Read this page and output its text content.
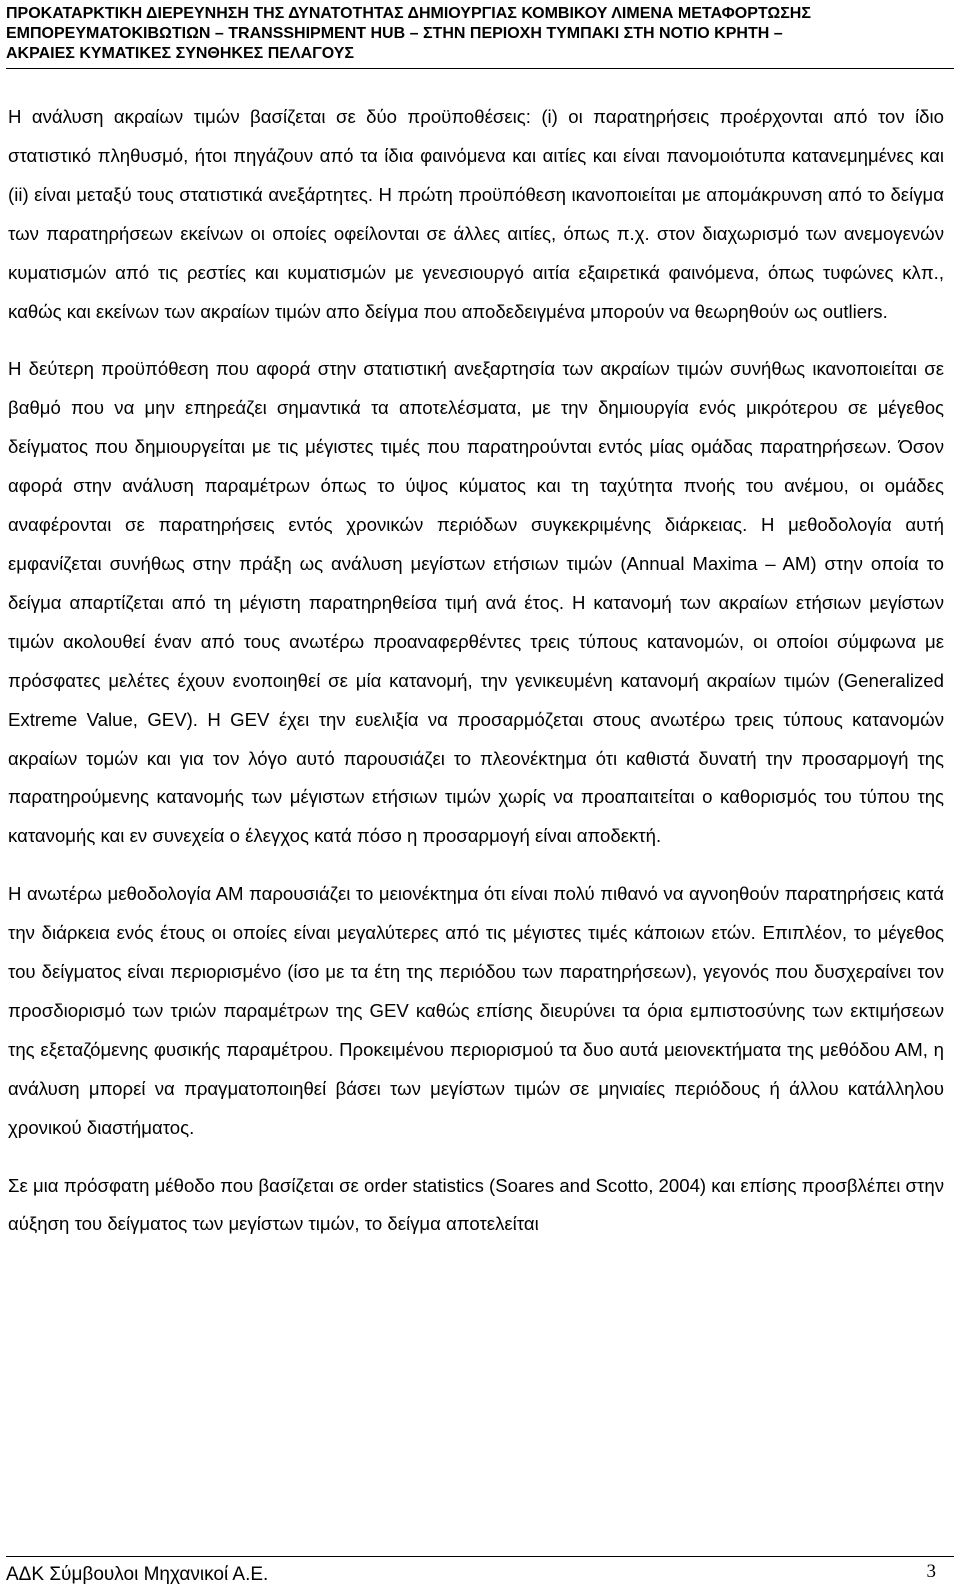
ΠΡΟΚΑΤΑΡΚΤΙΚΗ ΔΙΕΡΕΥΝΗΣΗ ΤΗΣ ΔΥΝΑΤΟΤΗΤΑΣ ΔΗΜΙΟΥΡΓΙΑΣ ΚΟΜΒΙΚΟΥ ΛΙΜΕΝΑ ΜΕΤΑΦΟΡΤΩΣΗΣ
ΕΜΠΟΡΕΥΜΑΤΟΚΙΒΩΤΙΩΝ – TRANSSHIPMENT HUB – ΣΤΗΝ ΠΕΡΙΟΧΗ ΤΥΜΠΑΚΙ ΣΤΗ ΝΟΤΙΟ ΚΡΗΤΗ –
ΑΚΡΑΙΕΣ ΚΥΜΑΤΙΚΕΣ ΣΥΝΘΗΚΕΣ ΠΕΛΑΓΟΥΣ

Η ανάλυση ακραίων τιμών βασίζεται σε δύο προϋποθέσεις: (i) οι παρατηρήσεις προέρχονται από τον ίδιο στατιστικό πληθυσμό, ήτοι πηγάζουν από τα ίδια φαινόμενα και αιτίες και είναι πανομοιότυπα κατανεμημένες και (ii) είναι μεταξύ τους στατιστικά ανεξάρτητες. Η πρώτη προϋπόθεση ικανοποιείται με απομάκρυνση από το δείγμα των παρατηρήσεων εκείνων οι οποίες οφείλονται σε άλλες αιτίες, όπως π.χ. στον διαχωρισμό των ανεμογενών κυματισμών από τις ρεστίες και κυματισμών με γενεσιουργό αιτία εξαιρετικά φαινόμενα, όπως τυφώνες κλπ., καθώς και εκείνων των ακραίων τιμών απο δείγμα που αποδεδειγμένα μπορούν να θεωρηθούν ως outliers.

Η δεύτερη προϋπόθεση που αφορά στην στατιστική ανεξαρτησία των ακραίων τιμών συνήθως ικανοποιείται σε βαθμό που να μην επηρεάζει σημαντικά τα αποτελέσματα, με την δημιουργία ενός μικρότερου σε μέγεθος δείγματος που δημιουργείται με τις μέγιστες τιμές που παρατηρούνται εντός μίας ομάδας παρατηρήσεων. Όσον αφορά στην ανάλυση παραμέτρων όπως το ύψος κύματος και τη ταχύτητα πνοής του ανέμου, οι ομάδες αναφέρονται σε παρατηρήσεις εντός χρονικών περιόδων συγκεκριμένης διάρκειας. Η μεθοδολογία αυτή εμφανίζεται συνήθως στην πράξη ως ανάλυση μεγίστων ετήσιων τιμών (Annual Maxima – AM) στην οποία το δείγμα απαρτίζεται από τη μέγιστη παρατηρηθείσα τιμή ανά έτος. Η κατανομή των ακραίων ετήσιων μεγίστων τιμών ακολουθεί έναν από τους ανωτέρω προαναφερθέντες τρεις τύπους κατανομών, οι οποίοι σύμφωνα με πρόσφατες μελέτες έχουν ενοποιηθεί σε μία κατανομή, την γενικευμένη κατανομή ακραίων τιμών (Generalized Extreme Value, GEV). Η GEV έχει την ευελιξία να προσαρμόζεται στους ανωτέρω τρεις τύπους κατανομών ακραίων τομών και για τον λόγο αυτό παρουσιάζει το πλεονέκτημα ότι καθιστά δυνατή την προσαρμογή της παρατηρούμενης κατανομής των μέγιστων ετήσιων τιμών χωρίς να προαπαιτείται ο καθορισμός του τύπου της κατανομής και εν συνεχεία ο έλεγχος κατά πόσο η προσαρμογή είναι αποδεκτή.

Η ανωτέρω μεθοδολογία ΑΜ παρουσιάζει το μειονέκτημα ότι είναι πολύ πιθανό να αγνοηθούν παρατηρήσεις κατά την διάρκεια ενός έτους οι οποίες είναι μεγαλύτερες από τις μέγιστες τιμές κάποιων ετών. Επιπλέον, το μέγεθος του δείγματος είναι περιορισμένο (ίσο με τα έτη της περιόδου των παρατηρήσεων), γεγονός που δυσχεραίνει τον προσδιορισμό των τριών παραμέτρων της GEV καθώς επίσης διευρύνει τα όρια εμπιστοσύνης των εκτιμήσεων της εξεταζόμενης φυσικής παραμέτρου. Προκειμένου περιορισμού τα δυο αυτά μειονεκτήματα της μεθόδου ΑΜ, η ανάλυση μπορεί να πραγματοποιηθεί βάσει των μεγίστων τιμών σε μηνιαίες περιόδους ή άλλου κατάλληλου χρονικού διαστήματος.

Σε μια πρόσφατη μέθοδο που βασίζεται σε order statistics (Soares and Scotto, 2004) και επίσης προσβλέπει στην αύξηση του δείγματος των μεγίστων τιμών, το δείγμα αποτελείται

ΑΔΚ Σύμβουλοι Μηχανικοί Α.Ε.	3
